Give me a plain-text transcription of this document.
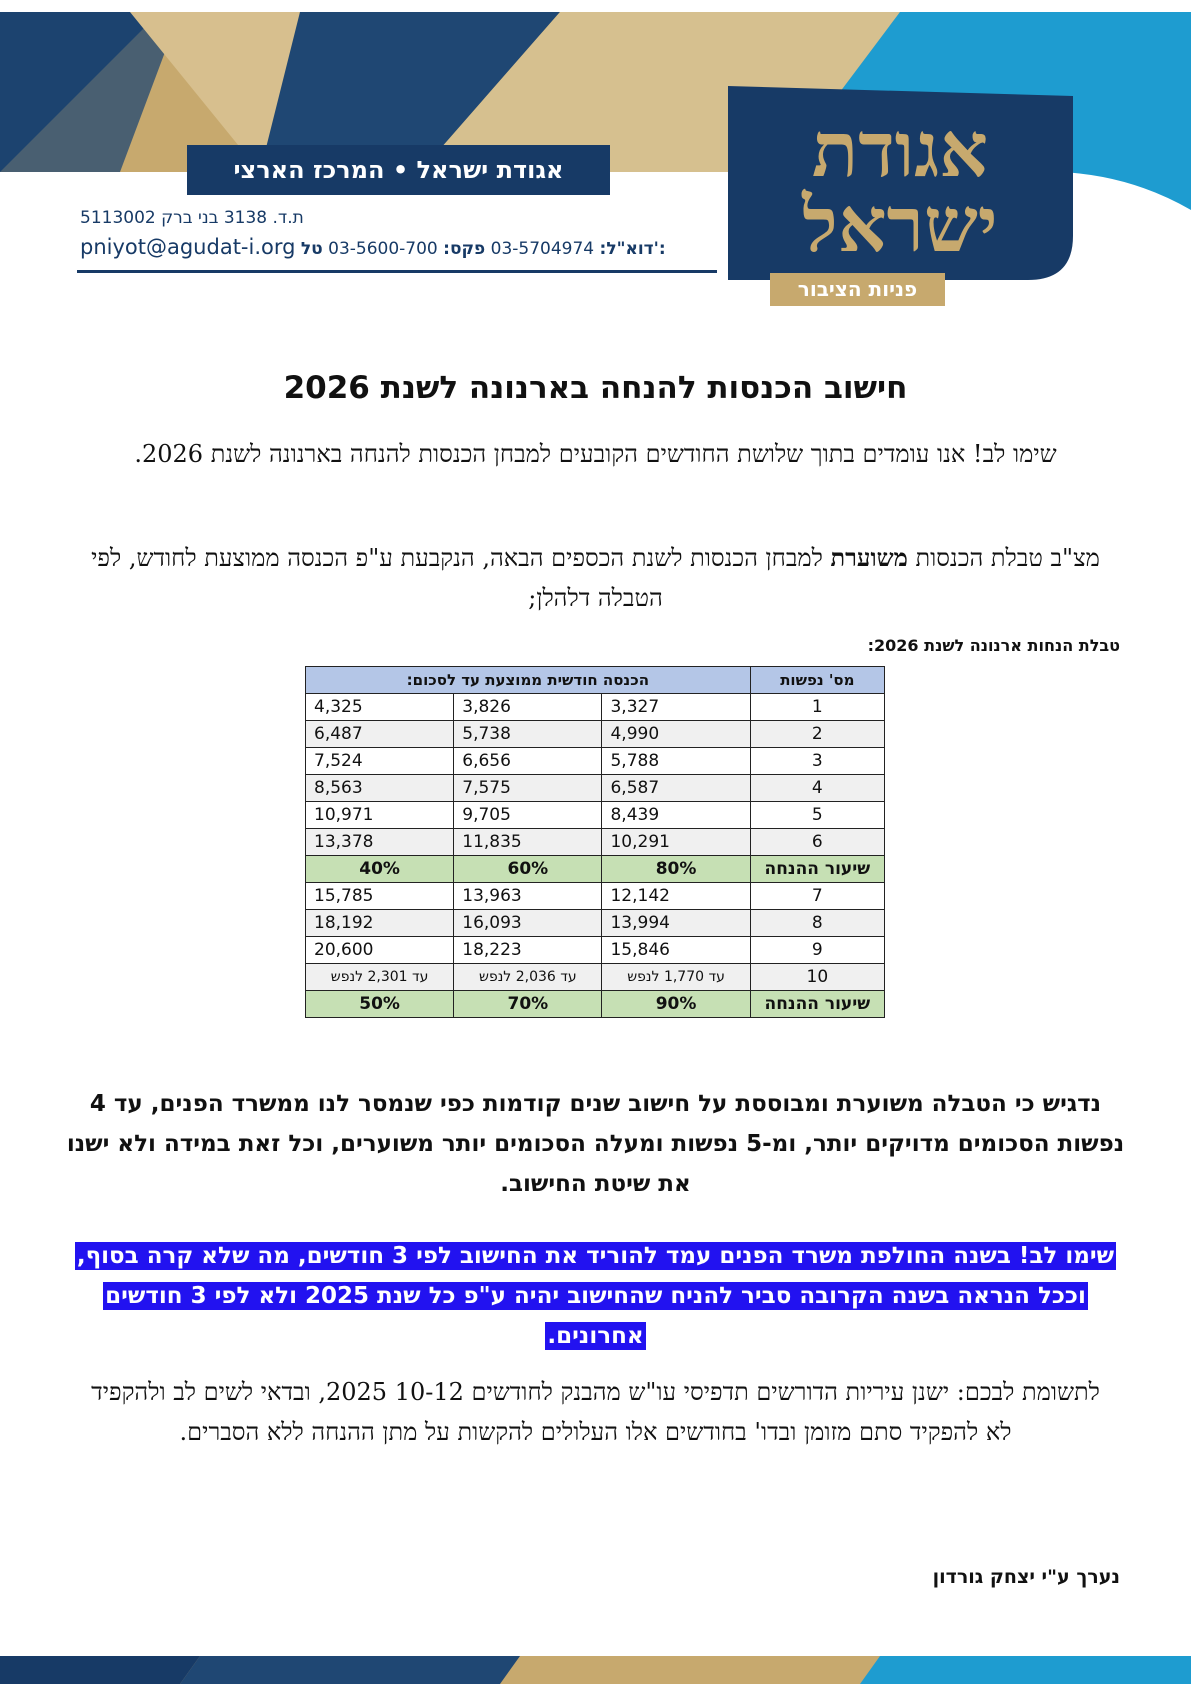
אגודת ישראל • המרכז הארצי
ת.ד. 3138 בני ברק 5113002
pniyot@agudat-i.org	דוא"ל: 03-5704974 פקס: 03-5600-700 טל':
אגודת
ישראל
פניות הציבור
חישוב הכנסות להנחה בארנונה לשנת 2026
שימו לב! אנו עומדים בתוך שלושת החודשים הקובעים למבחן הכנסות להנחה בארנונה לשנת 2026.
מצ"ב טבלת הכנסות משוערת למבחן הכנסות לשנת הכספים הבאה, הנקבעת ע"פ הכנסה ממוצעת לחודש, לפי הטבלה דלהלן;
טבלת הנחות ארנונה לשנת 2026:
מס' נפשות	הכנסה חודשית ממוצעת עד לסכום:		
1	3,327	3,826	4,325
2	4,990	5,738	6,487
3	5,788	6,656	7,524
4	6,587	7,575	8,563
5	8,439	9,705	10,971
6	10,291	11,835	13,378
שיעור ההנחה	80%	60%	40%
7	12,142	13,963	15,785
8	13,994	16,093	18,192
9	15,846	18,223	20,600
10	עד 1,770 לנפש	עד 2,036 לנפש	עד 2,301 לנפש
שיעור ההנחה	90%	70%	50%
נדגיש כי הטבלה משוערת ומבוססת על חישוב שנים קודמות כפי שנמסר לנו ממשרד הפנים, עד 4 נפשות הסכומים מדויקים יותר, ומ-5 נפשות ומעלה הסכומים יותר משוערים, וכל זאת במידה ולא ישנו את שיטת החישוב.
שימו לב! בשנה החולפת משרד הפנים עמד להוריד את החישוב לפי 3 חודשים, מה שלא קרה בסוף, וככל הנראה בשנה הקרובה סביר להניח שהחישוב יהיה ע"פ כל שנת 2025 ולא לפי 3 חודשים אחרונים.
לתשומת לבכם: ישנן עיריות הדורשים תדפיסי עו"ש מהבנק לחודשים 10-12 2025, ובדאי לשים לב ולהקפיד לא להפקיד סתם מזומן ובדו' בחודשים אלו העלולים להקשות על מתן ההנחה ללא הסברים.
נערך ע"י יצחק גורדון
